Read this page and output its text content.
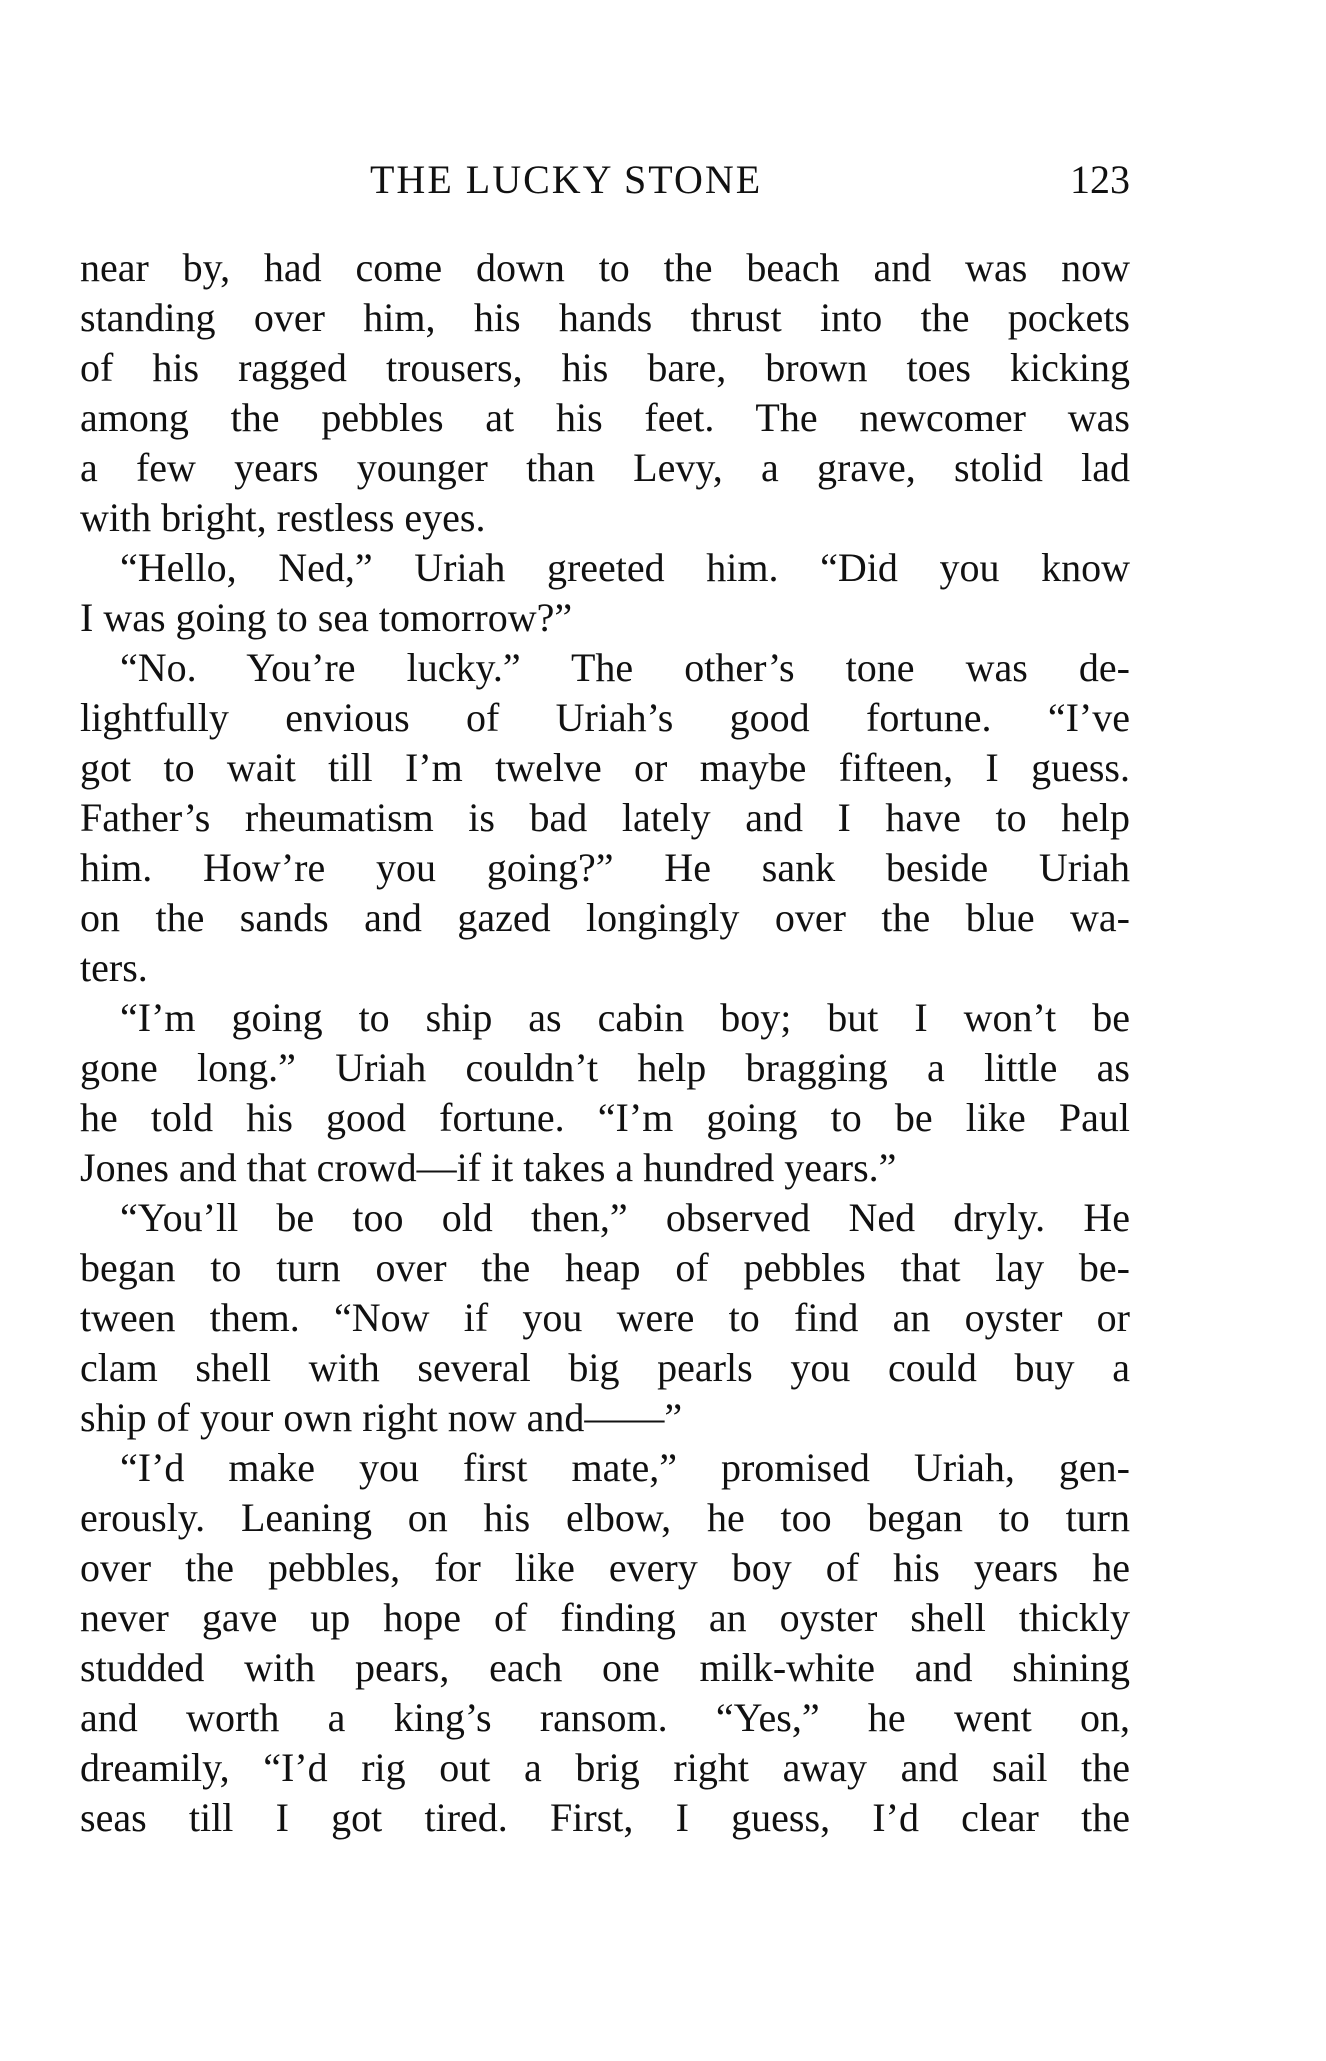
THE LUCKY STONE	123
near by, had come down to the beach and was now
standing over him, his hands thrust into the pockets
of his ragged trousers, his bare, brown toes kicking
among the pebbles at his feet. The newcomer was
a few years younger than Levy, a grave, stolid lad
with bright, restless eyes.
“Hello, Ned,” Uriah greeted him. “Did you know
I was going to sea tomorrow?”
“No. You’re lucky.” The other’s tone was de-
lightfully envious of Uriah’s good fortune. “I’ve
got to wait till I’m twelve or maybe fifteen, I guess.
Father’s rheumatism is bad lately and I have to help
him. How’re you going?” He sank beside Uriah
on the sands and gazed longingly over the blue wa-
ters.
“I’m going to ship as cabin boy; but I won’t be
gone long.” Uriah couldn’t help bragging a little as
he told his good fortune. “I’m going to be like Paul
Jones and that crowd—if it takes a hundred years.”
“You’ll be too old then,” observed Ned dryly. He
began to turn over the heap of pebbles that lay be-
tween them. “Now if you were to find an oyster or
clam shell with several big pearls you could buy a
ship of your own right now and——”
“I’d make you first mate,” promised Uriah, gen-
erously. Leaning on his elbow, he too began to turn
over the pebbles, for like every boy of his years he
never gave up hope of finding an oyster shell thickly
studded with pears, each one milk-white and shining
and worth a king’s ransom. “Yes,” he went on,
dreamily, “I’d rig out a brig right away and sail the
seas till I got tired. First, I guess, I’d clear the
